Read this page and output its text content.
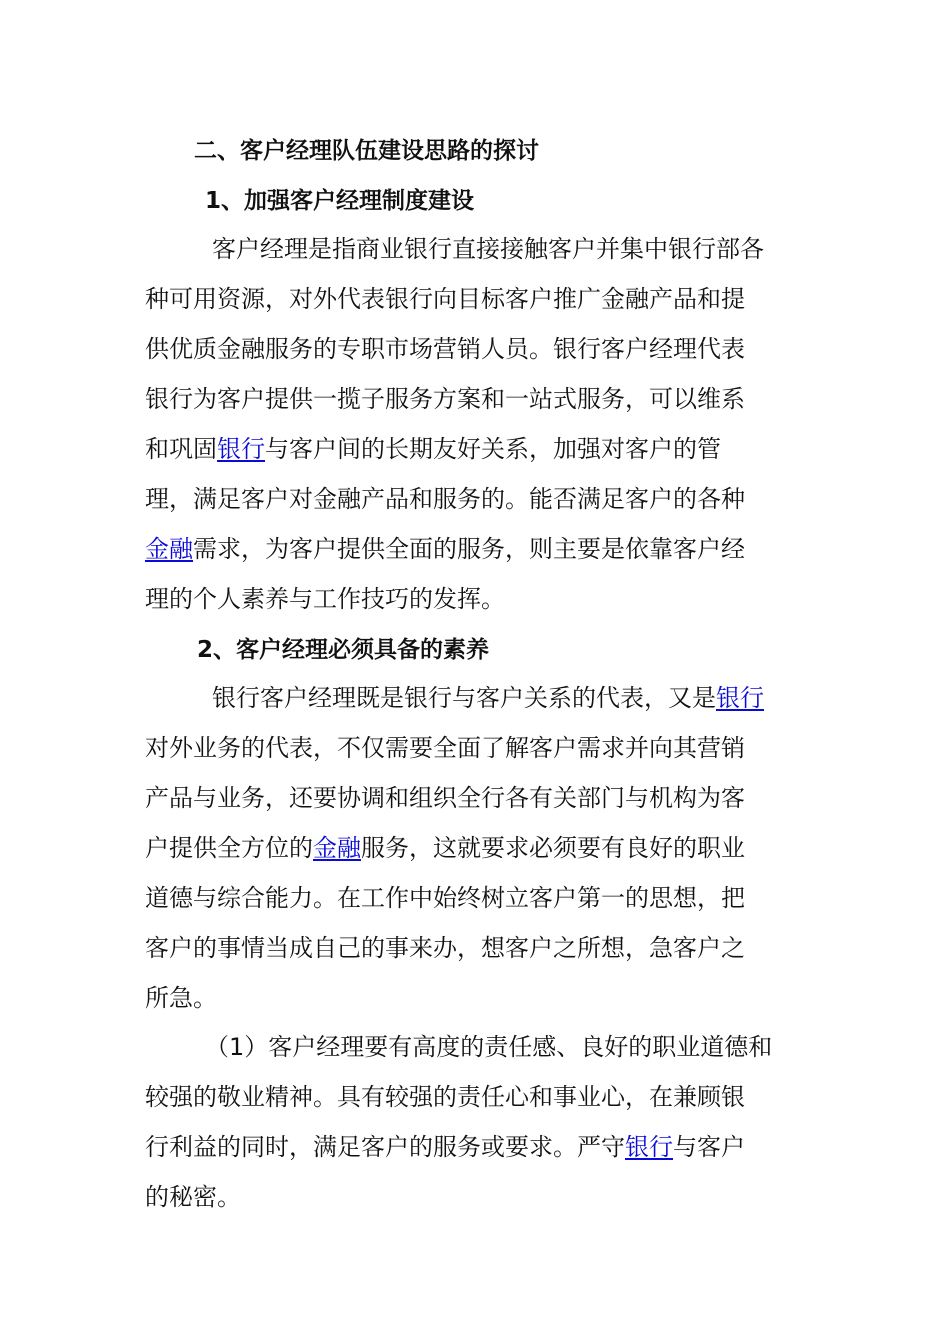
二、客户经理队伍建设思路的探讨
1、加强客户经理制度建设

客户经理是指商业银行直接接触客户并集中银行部各

种可用资源，对外代表银行向目标客户推广金融产品和提

供优质金融服务的专职市场营销人员。银行客户经理代表

银行为客户提供一揽子服务方案和一站式服务，可以维系

和巩固银行与客户间的长期友好关系，加强对客户的管

理，满足客户对金融产品和服务的。能否满足客户的各种

金融需求，为客户提供全面的服务，则主要是依靠客户经

理的个人素养与工作技巧的发挥。

2、客户经理必须具备的素养

银行客户经理既是银行与客户关系的代表，又是银行

对外业务的代表，不仅需要全面了解客户需求并向其营销

产品与业务，还要协调和组织全行各有关部门与机构为客

户提供全方位的金融服务，这就要求必须要有良好的职业

道德与综合能力。在工作中始终树立客户第一的思想，把

客户的事情当成自己的事来办，想客户之所想，急客户之

所急。

（1）客户经理要有高度的责任感、良好的职业道德和

较强的敬业精神。具有较强的责任心和事业心，在兼顾银

行利益的同时，满足客户的服务或要求。严守银行与客户

的秘密。
